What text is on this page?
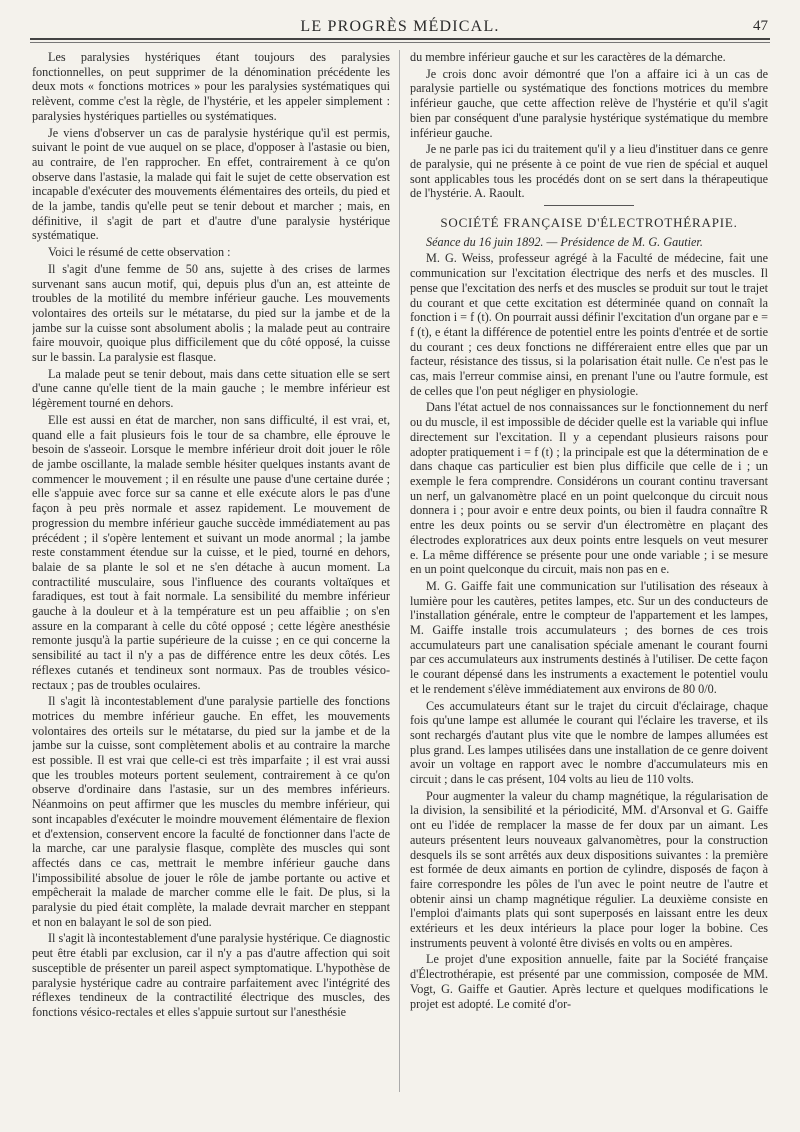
LE PROGRÈS MÉDICAL.	47

Les paralysies hystériques étant toujours des paralysies fonctionnelles, on peut supprimer de la dénomination précédente les deux mots « fonctions motrices » pour les paralysies systématiques qui relèvent, comme c'est la règle, de l'hystérie, et les appeler simplement : paralysies hystériques partielles ou systématiques.

Je viens d'observer un cas de paralysie hystérique qu'il est permis, suivant le point de vue auquel on se place, d'opposer à l'astasie ou bien, au contraire, de l'en rapprocher. En effet, contrairement à ce qu'on observe dans l'astasie, la malade qui fait le sujet de cette observation est incapable d'exécuter des mouvements élémentaires des orteils, du pied et de la jambe, tandis qu'elle peut se tenir debout et marcher ; mais, en définitive, il s'agit de part et d'autre d'une paralysie hystérique systématique.

Voici le résumé de cette observation :

Il s'agit d'une femme de 50 ans, sujette à des crises de larmes survenant sans aucun motif, qui, depuis plus d'un an, est atteinte de troubles de la motilité du membre inférieur gauche. Les mouvements volontaires des orteils sur le métatarse, du pied sur la jambe et de la jambe sur la cuisse sont absolument abolis ; la malade peut au contraire faire mouvoir, quoique plus difficilement que du côté opposé, la cuisse sur le bassin. La paralysie est flasque.

La malade peut se tenir debout, mais dans cette situation elle se sert d'une canne qu'elle tient de la main gauche ; le membre inférieur est légèrement tourné en dehors.

Elle est aussi en état de marcher, non sans difficulté, il est vrai, et, quand elle a fait plusieurs fois le tour de sa chambre, elle éprouve le besoin de s'asseoir. Lorsque le membre inférieur droit doit jouer le rôle de jambe oscillante, la malade semble hésiter quelques instants avant de commencer le mouvement ; il en résulte une pause d'une certaine durée ; elle s'appuie avec force sur sa canne et elle exécute alors le pas d'une façon à peu près normale et assez rapidement. Le mouvement de progression du membre inférieur gauche succède immédiatement au pas précédent ; il s'opère lentement et suivant un mode anormal ; la jambe reste constamment étendue sur la cuisse, et le pied, tourné en dehors, balaie de sa plante le sol et ne s'en détache à aucun moment. La contractilité musculaire, sous l'influence des courants voltaïques et faradiques, est tout à fait normale. La sensibilité du membre inférieur gauche à la douleur et à la température est un peu affaiblie ; on s'en assure en la comparant à celle du côté opposé ; cette légère anesthésie remonte jusqu'à la partie supérieure de la cuisse ; en ce qui concerne la sensibilité au tact il n'y a pas de différence entre les deux côtés. Les réflexes cutanés et tendineux sont normaux. Pas de troubles vésico-rectaux ; pas de troubles oculaires.

Il s'agit là incontestablement d'une paralysie partielle des fonctions motrices du membre inférieur gauche. En effet, les mouvements volontaires des orteils sur le métatarse, du pied sur la jambe et de la jambe sur la cuisse, sont complètement abolis et au contraire la marche est possible. Il est vrai que celle-ci est très imparfaite ; il est vrai aussi que les troubles moteurs portent seulement, contrairement à ce qu'on observe d'ordinaire dans l'astasie, sur un des membres inférieurs. Néanmoins on peut affirmer que les muscles du membre inférieur, qui sont incapables d'exécuter le moindre mouvement élémentaire de flexion et d'extension, conservent encore la faculté de fonctionner dans l'acte de la marche, car une paralysie flasque, complète des muscles qui sont affectés dans ce cas, mettrait le membre inférieur gauche dans l'impossibilité absolue de jouer le rôle de jambe portante ou active et empêcherait la malade de marcher comme elle le fait. De plus, si la paralysie du pied était complète, la malade devrait marcher en steppant et non en balayant le sol de son pied.

Il s'agit là incontestablement d'une paralysie hystérique. Ce diagnostic peut être établi par exclusion, car il n'y a pas d'autre affection qui soit susceptible de présenter un pareil aspect symptomatique. L'hypothèse de paralysie hystérique cadre au contraire parfaitement avec l'intégrité des réflexes tendineux de la contractilité électrique des muscles, des fonctions vésico-rectales et elles s'appuie surtout sur l'anesthésie

du membre inférieur gauche et sur les caractères de la démarche.

Je crois donc avoir démontré que l'on a affaire ici à un cas de paralysie partielle ou systématique des fonctions motrices du membre inférieur gauche, que cette affection relève de l'hystérie et qu'il s'agit bien par conséquent d'une paralysie hystérique systématique du membre inférieur gauche.

Je ne parle pas ici du traitement qu'il y a lieu d'instituer dans ce genre de paralysie, qui ne présente à ce point de vue rien de spécial et auquel sont applicables tous les procédés dont on se sert dans la thérapeutique de l'hystérie. A. Raoult.

SOCIÉTÉ FRANÇAISE D'ÉLECTROTHÉRAPIE.

Séance du 16 juin 1892. — Présidence de M. G. Gautier.

M. G. Weiss, professeur agrégé à la Faculté de médecine, fait une communication sur l'excitation électrique des nerfs et des muscles. Il pense que l'excitation des nerfs et des muscles se produit sur tout le trajet du courant et que cette excitation est déterminée quand on connaît la fonction i = f (t). On pourrait aussi définir l'excitation d'un organe par e = f (t), e étant la différence de potentiel entre les points d'entrée et de sortie du courant ; ces deux fonctions ne différeraient entre elles que par un facteur, résistance des tissus, si la polarisation était nulle. Ce n'est pas le cas, mais l'erreur commise ainsi, en prenant l'une ou l'autre formule, est de celles que l'on peut négliger en physiologie.

Dans l'état actuel de nos connaissances sur le fonctionnement du nerf ou du muscle, il est impossible de décider quelle est la variable qui influe directement sur l'excitation. Il y a cependant plusieurs raisons pour adopter pratiquement i = f (t) ; la principale est que la détermination de e dans chaque cas particulier est bien plus difficile que celle de i ; un exemple le fera comprendre. Considérons un courant continu traversant un nerf, un galvanomètre placé en un point quelconque du circuit nous donnera i ; pour avoir e entre deux points, ou bien il faudra connaître R entre les deux points ou se servir d'un électromètre en plaçant des électrodes exploratrices aux deux points entre lesquels on veut mesurer e. La même différence se présente pour une onde variable ; i se mesure en un point quelconque du circuit, mais non pas en e.

M. G. Gaiffe fait une communication sur l'utilisation des réseaux à lumière pour les cautères, petites lampes, etc. Sur un des conducteurs de l'installation générale, entre le compteur de l'appartement et les lampes, M. Gaiffe installe trois accumulateurs ; des bornes de ces trois accumulateurs part une canalisation spéciale amenant le courant fourni par ces accumulateurs aux instruments destinés à l'utiliser. De cette façon le courant dépensé dans les instruments a exactement le potentiel voulu et le rendement s'élève immédiatement aux environs de 80 0/0.

Ces accumulateurs étant sur le trajet du circuit d'éclairage, chaque fois qu'une lampe est allumée le courant qui l'éclaire les traverse, et ils sont rechargés d'autant plus vite que le nombre de lampes allumées est plus grand. Les lampes utilisées dans une installation de ce genre doivent avoir un voltage en rapport avec le nombre d'accumulateurs mis en circuit ; dans le cas présent, 104 volts au lieu de 110 volts.

Pour augmenter la valeur du champ magnétique, la régularisation de la division, la sensibilité et la périodicité, MM. d'Arsonval et G. Gaiffe ont eu l'idée de remplacer la masse de fer doux par un aimant. Les auteurs présentent leurs nouveaux galvanomètres, pour la construction desquels ils se sont arrêtés aux deux dispositions suivantes : la première est formée de deux aimants en portion de cylindre, disposés de façon à faire correspondre les pôles de l'un avec le point neutre de l'autre et obtenir ainsi un champ magnétique régulier. La deuxième consiste en l'emploi d'aimants plats qui sont superposés en laissant entre les deux extérieurs et les deux intérieurs la place pour loger la bobine. Ces instruments peuvent à volonté être divisés en volts ou en ampères.

Le projet d'une exposition annuelle, faite par la Société française d'Électrothérapie, est présenté par une commission, composée de MM. Vogt, G. Gaiffe et Gautier. Après lecture et quelques modifications le projet est adopté. Le comité d'or-
